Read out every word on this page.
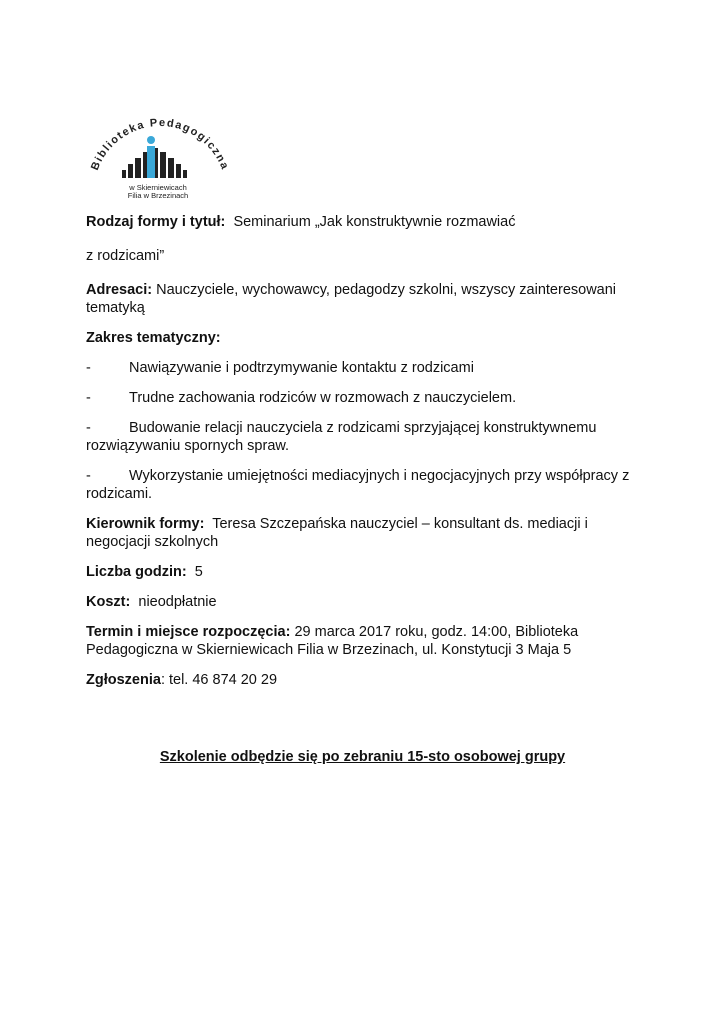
Biblioteka Pedagogiczna
w Skierniewicach
Filia w Brzezinach

Rodzaj formy i tytuł: Seminarium „Jak konstruktywnie rozmawiać

z rodzicami”

Adresaci: Nauczyciele, wychowawcy, pedagodzy szkolni, wszyscy zainteresowani tematyką

Zakres tematyczny:

-	Nawiązywanie i podtrzymywanie kontaktu z rodzicami
-	Trudne zachowania rodziców w rozmowach z nauczycielem.

-	Budowanie relacji nauczyciela z rodzicami sprzyjającej konstruktywnemu rozwiązywaniu spornych spraw.

-	Wykorzystanie umiejętności mediacyjnych i negocjacyjnych przy współpracy z rodzicami.

Kierownik formy: Teresa Szczepańska nauczyciel – konsultant ds. mediacji i negocjacji szkolnych

Liczba godzin: 5

Koszt: nieodpłatnie

Termin i miejsce rozpoczęcia: 29 marca 2017 roku, godz. 14:00, Biblioteka Pedagogiczna w Skierniewicach Filia w Brzezinach, ul. Konstytucji 3 Maja 5

Zgłoszenia: tel. 46 874 20 29

Szkolenie odbędzie się po zebraniu 15-sto osobowej grupy
